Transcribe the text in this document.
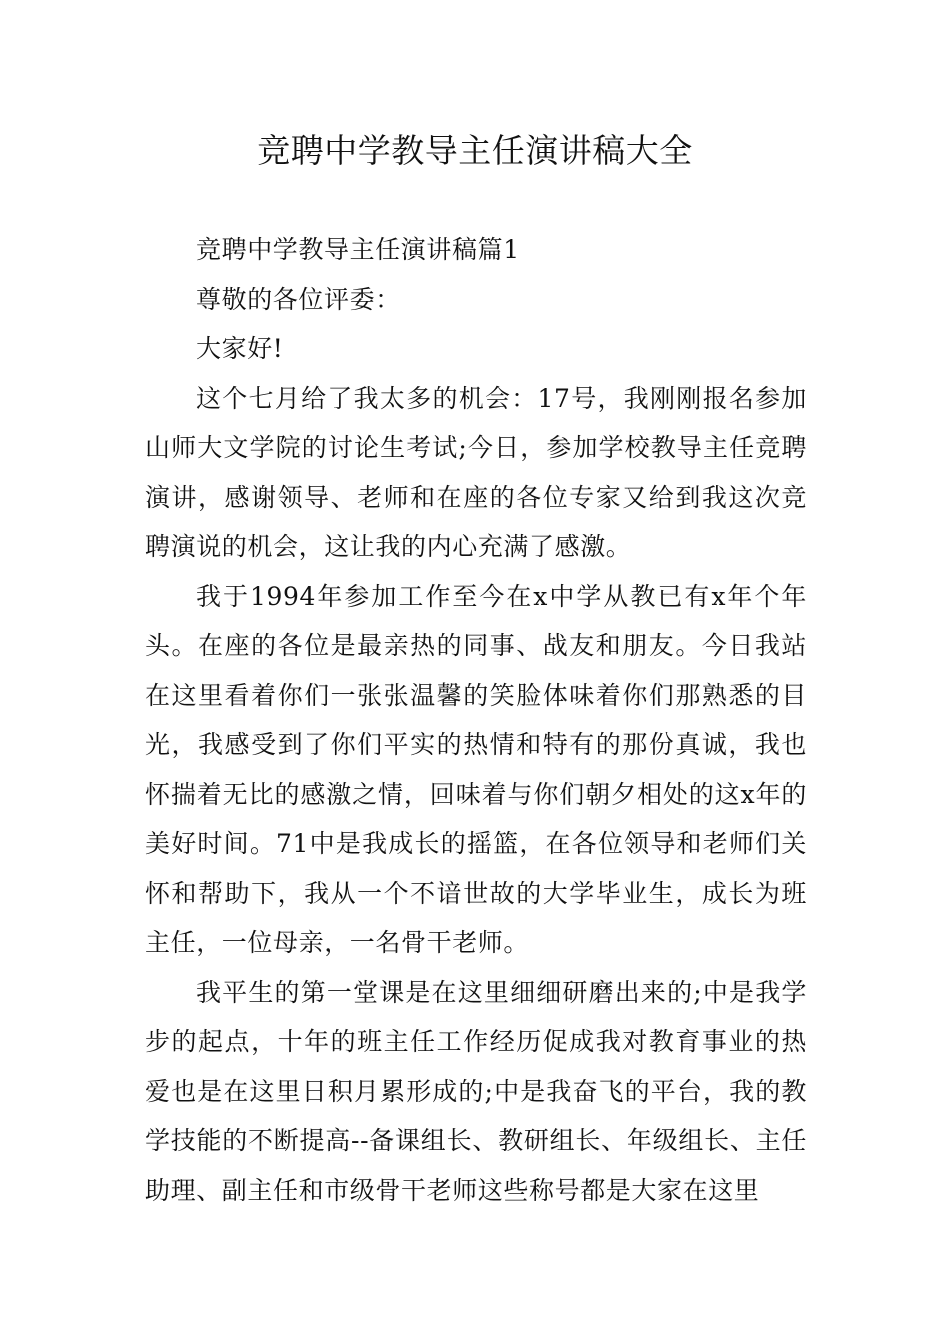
竞聘中学教导主任演讲稿大全

竞聘中学教导主任演讲稿篇1

尊敬的各位评委：

大家好!

这个七月给了我太多的机会：17号，我刚刚报名参加山师大文学院的讨论生考试;今日，参加学校教导主任竞聘演讲，感谢领导、老师和在座的各位专家又给到我这次竞聘演说的机会，这让我的内心充满了感激。

我于1994年参加工作至今在x中学从教已有x年个年头。在座的各位是最亲热的同事、战友和朋友。今日我站在这里看着你们一张张温馨的笑脸体味着你们那熟悉的目光，我感受到了你们平实的热情和特有的那份真诚，我也怀揣着无比的感激之情，回味着与你们朝夕相处的这x年的美好时间。71中是我成长的摇篮，在各位领导和老师们关怀和帮助下，我从一个不谙世故的大学毕业生，成长为班主任，一位母亲，一名骨干老师。

我平生的第一堂课是在这里细细研磨出来的;中是我学步的起点，十年的班主任工作经历促成我对教育事业的热爱也是在这里日积月累形成的;中是我奋飞的平台，我的教学技能的不断提高--备课组长、教研组长、年级组长、主任助理、副主任和市级骨干老师这些称号都是大家在这里
